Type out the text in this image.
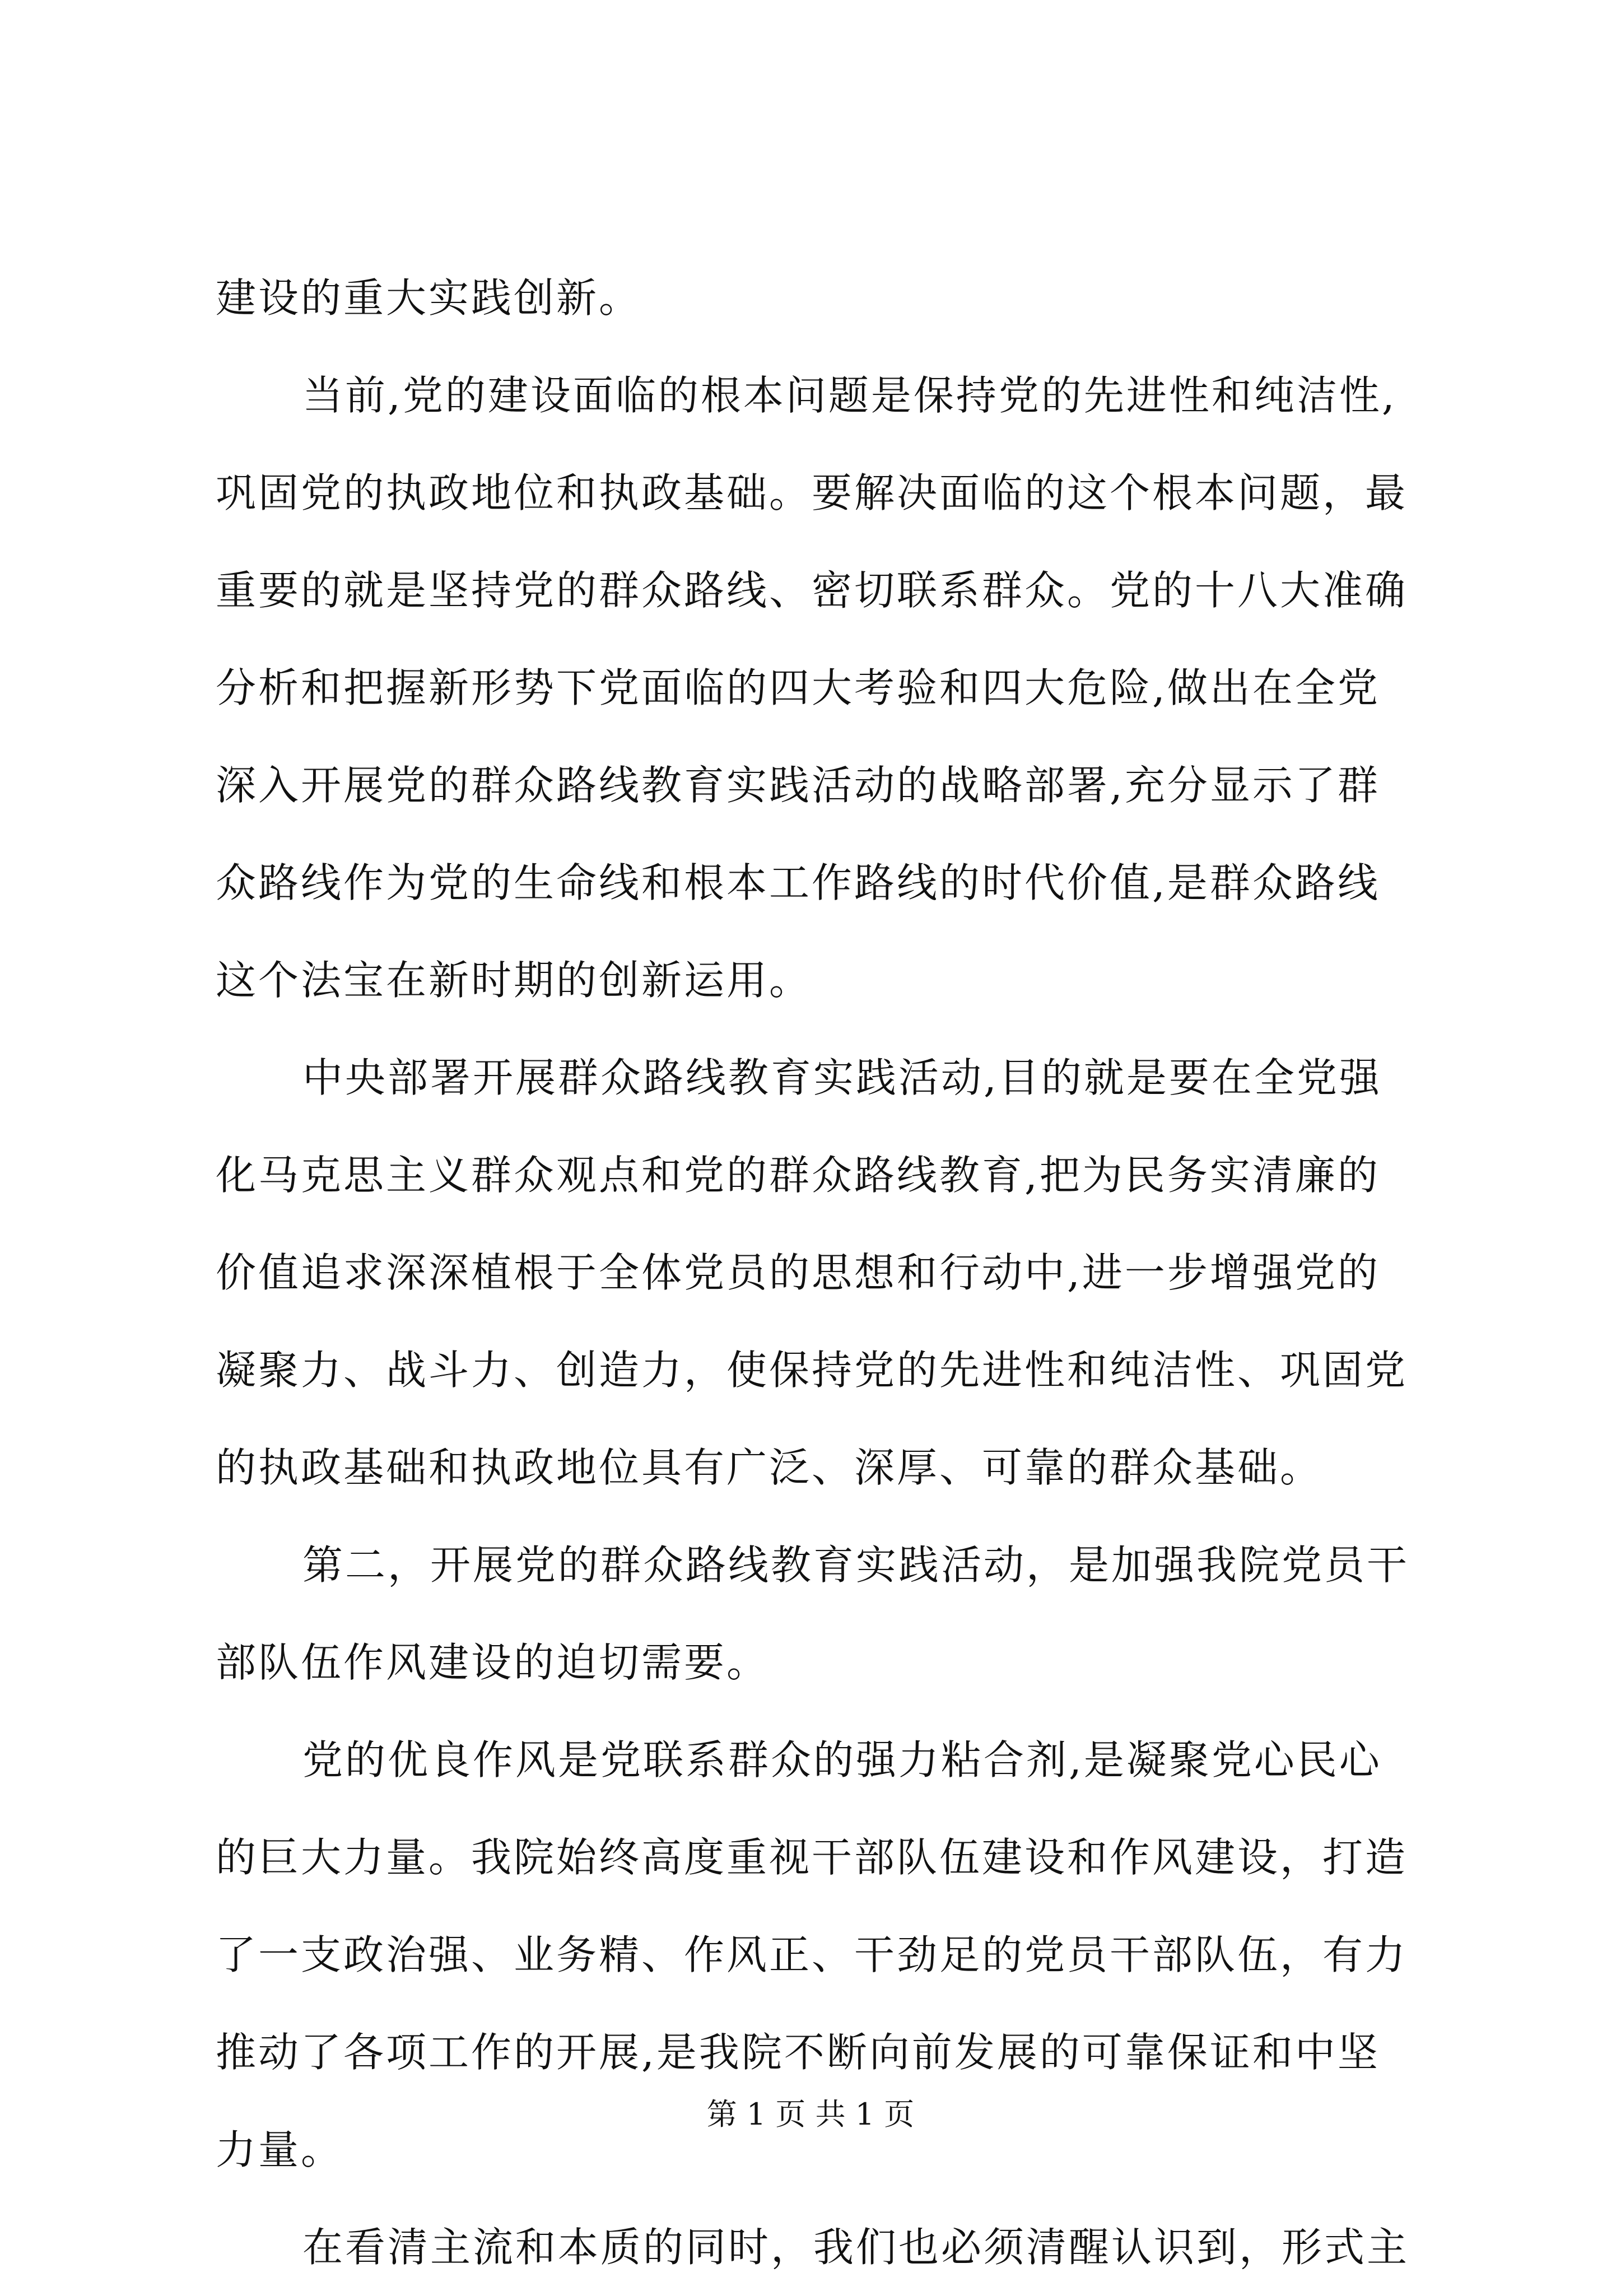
建设的重大实践创新。
当前,党的建设面临的根本问题是保持党的先进性和纯洁性,
巩固党的执政地位和执政基础。要解决面临的这个根本问题，最
重要的就是坚持党的群众路线、密切联系群众。党的十八大准确
分析和把握新形势下党面临的四大考验和四大危险,做出在全党
深入开展党的群众路线教育实践活动的战略部署,充分显示了群
众路线作为党的生命线和根本工作路线的时代价值,是群众路线
这个法宝在新时期的创新运用。
中央部署开展群众路线教育实践活动,目的就是要在全党强
化马克思主义群众观点和党的群众路线教育,把为民务实清廉的
价值追求深深植根于全体党员的思想和行动中,进一步增强党的
凝聚力、战斗力、创造力，使保持党的先进性和纯洁性、巩固党
的执政基础和执政地位具有广泛、深厚、可靠的群众基础。
第二，开展党的群众路线教育实践活动，是加强我院党员干
部队伍作风建设的迫切需要。
党的优良作风是党联系群众的强力粘合剂,是凝聚党心民心
的巨大力量。我院始终高度重视干部队伍建设和作风建设，打造
了一支政治强、业务精、作风正、干劲足的党员干部队伍，有力
推动了各项工作的开展,是我院不断向前发展的可靠保证和中坚
力量。
在看清主流和本质的同时，我们也必须清醒认识到，形式主
第 1 页 共 1 页
